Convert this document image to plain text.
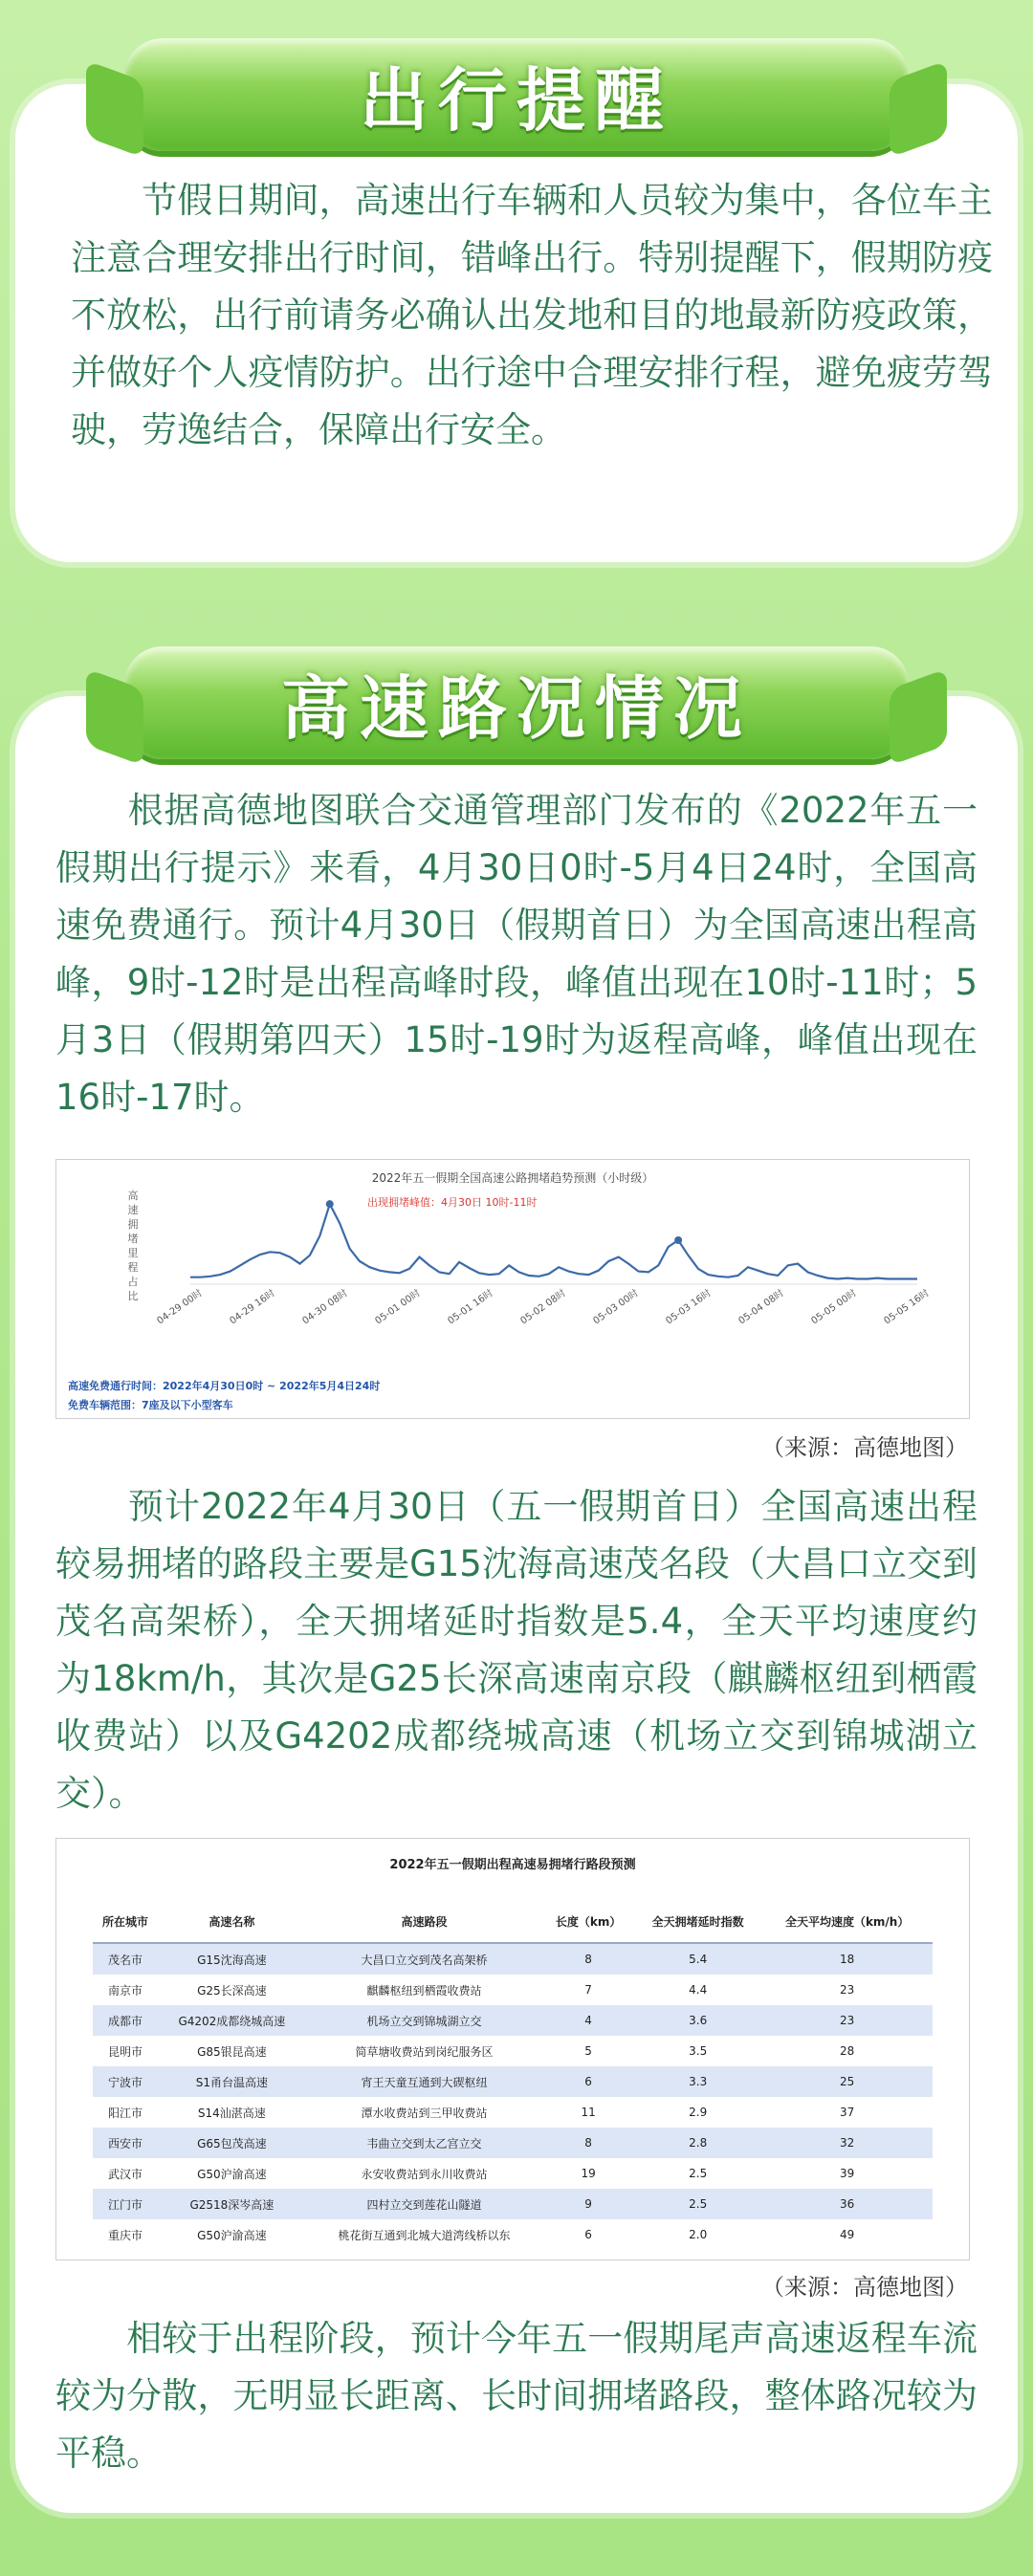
　　节假日期间，高速出行车辆和人员较为集中，各位车主注意合理安排出行时间，错峰出行。特别提醒下，假期防疫不放松，出行前请务必确认出发地和目的地最新防疫政策，并做好个人疫情防护。出行途中合理安排行程，避免疲劳驾驶，劳逸结合，保障出行安全。

出行提醒
高速路况情况

　　根据高德地图联合交通管理部门发布的《2022年五一假期出行提示》来看，4月30日0时-5月4日24时，全国高速免费通行。预计4月30日（假期首日）为全国高速出程高峰，9时-12时是出程高峰时段，峰值出现在10时-11时；5月3日（假期第四天）15时-19时为返程高峰，峰值出现在16时-17时。

04-29 00时 04-29 16时 04-30 08时 05-01 00时 05-01 16时 05-02 08时 05-03 00时 05-03 16时 05-04 08时 05-05 00时 05-05 16时
2022年五一假期全国高速公路拥堵趋势预测（小时级）
出现拥堵峰值：4月30日 10时-11时
高速拥堵里程占比
高速免费通行时间：2022年4月30日0时 ~ 2022年5月4日24时
免费车辆范围：7座及以下小型客车
（来源：高德地图）

　　预计2022年4月30日（五一假期首日）全国高速出程较易拥堵的路段主要是G15沈海高速茂名段（大昌口立交到茂名高架桥），全天拥堵延时指数是5.4，全天平均速度约为18km/h，其次是G25长深高速南京段（麒麟枢纽到栖霞收费站）以及G4202成都绕城高速（机场立交到锦城湖立交）。

2022年五一假期出程高速易拥堵行路段预测
所在城市	高速名称	高速路段	长度（km）	全天拥堵延时指数	全天平均速度（km/h）
茂名市	G15沈海高速	大昌口立交到茂名高架桥	8	5.4	18
南京市	G25长深高速	麒麟枢纽到栖霞收费站	7	4.4	23
成都市	G4202成都绕城高速	机场立交到锦城湖立交	4	3.6	23
昆明市	G85银昆高速	简草塘收费站到岗纪服务区	5	3.5	28
宁波市	S1甬台温高速	宵王天童互通到大碶枢纽	6	3.3	25
阳江市	S14汕湛高速	潭水收费站到三甲收费站	11	2.9	37
西安市	G65包茂高速	韦曲立交到太乙宫立交	8	2.8	32
武汉市	G50沪渝高速	永安收费站到永川收费站	19	2.5	39
江门市	G2518深岑高速	四村立交到莲花山隧道	9	2.5	36
重庆市	G50沪渝高速	桃花街互通到北城大道湾线桥以东	6	2.0	49
（来源：高德地图）

　　相较于出程阶段，预计今年五一假期尾声高速返程车流较为分散，无明显长距离、长时间拥堵路段，整体路况较为平稳。
